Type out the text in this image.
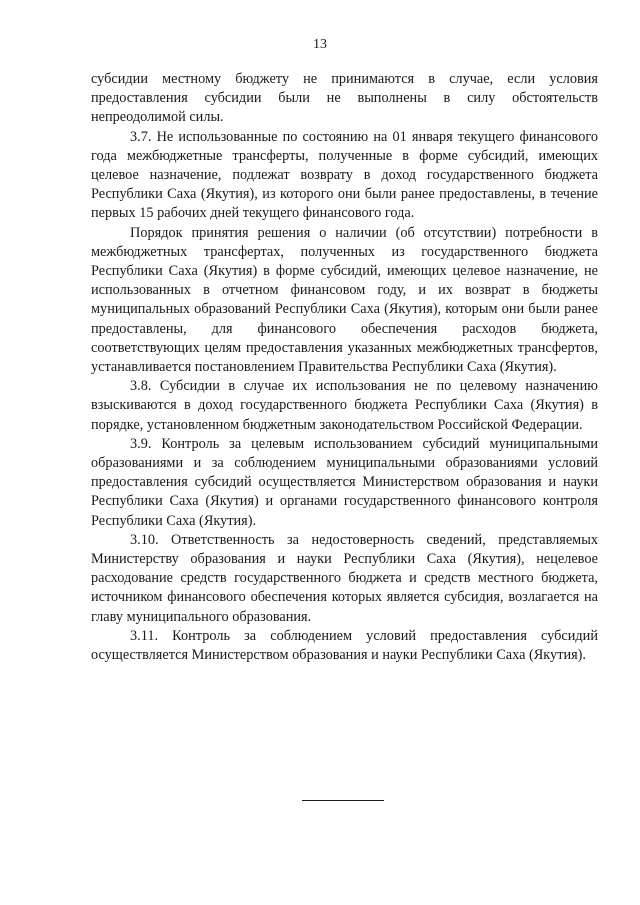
13

субсидии местному бюджету не принимаются в случае, если условия предоставления субсидии были не выполнены в силу обстоятельств непреодолимой силы.

3.7. Не использованные по состоянию на 01 января текущего финансового года межбюджетные трансферты, полученные в форме субсидий, имеющих целевое назначение, подлежат возврату в доход государственного бюджета Республики Саха (Якутия), из которого они были ранее предоставлены, в течение первых 15 рабочих дней текущего финансового года.

Порядок принятия решения о наличии (об отсутствии) потребности в межбюджетных трансфертах, полученных из государственного бюджета Республики Саха (Якутия) в форме субсидий, имеющих целевое назначение, не использованных в отчетном финансовом году, и их возврат в бюджеты муниципальных образований Республики Саха (Якутия), которым они были ранее предоставлены, для финансового обеспечения расходов бюджета, соответствующих целям предоставления указанных межбюджетных трансфертов, устанавливается постановлением Правительства Республики Саха (Якутия).

3.8. Субсидии в случае их использования не по целевому назначению взыскиваются в доход государственного бюджета Республики Саха (Якутия) в порядке, установленном бюджетным законодательством Российской Федерации.

3.9. Контроль за целевым использованием субсидий муниципальными образованиями и за соблюдением муниципальными образованиями условий предоставления субсидий осуществляется Министерством образования и науки Республики Саха (Якутия) и органами государственного финансового контроля Республики Саха (Якутия).

3.10. Ответственность за недостоверность сведений, представляемых Министерству образования и науки Республики Саха (Якутия), нецелевое расходование средств государственного бюджета и средств местного бюджета, источником финансового обеспечения которых является субсидия, возлагается на главу муниципального образования.

3.11. Контроль за соблюдением условий предоставления субсидий осуществляется Министерством образования и науки Республики Саха (Якутия).
